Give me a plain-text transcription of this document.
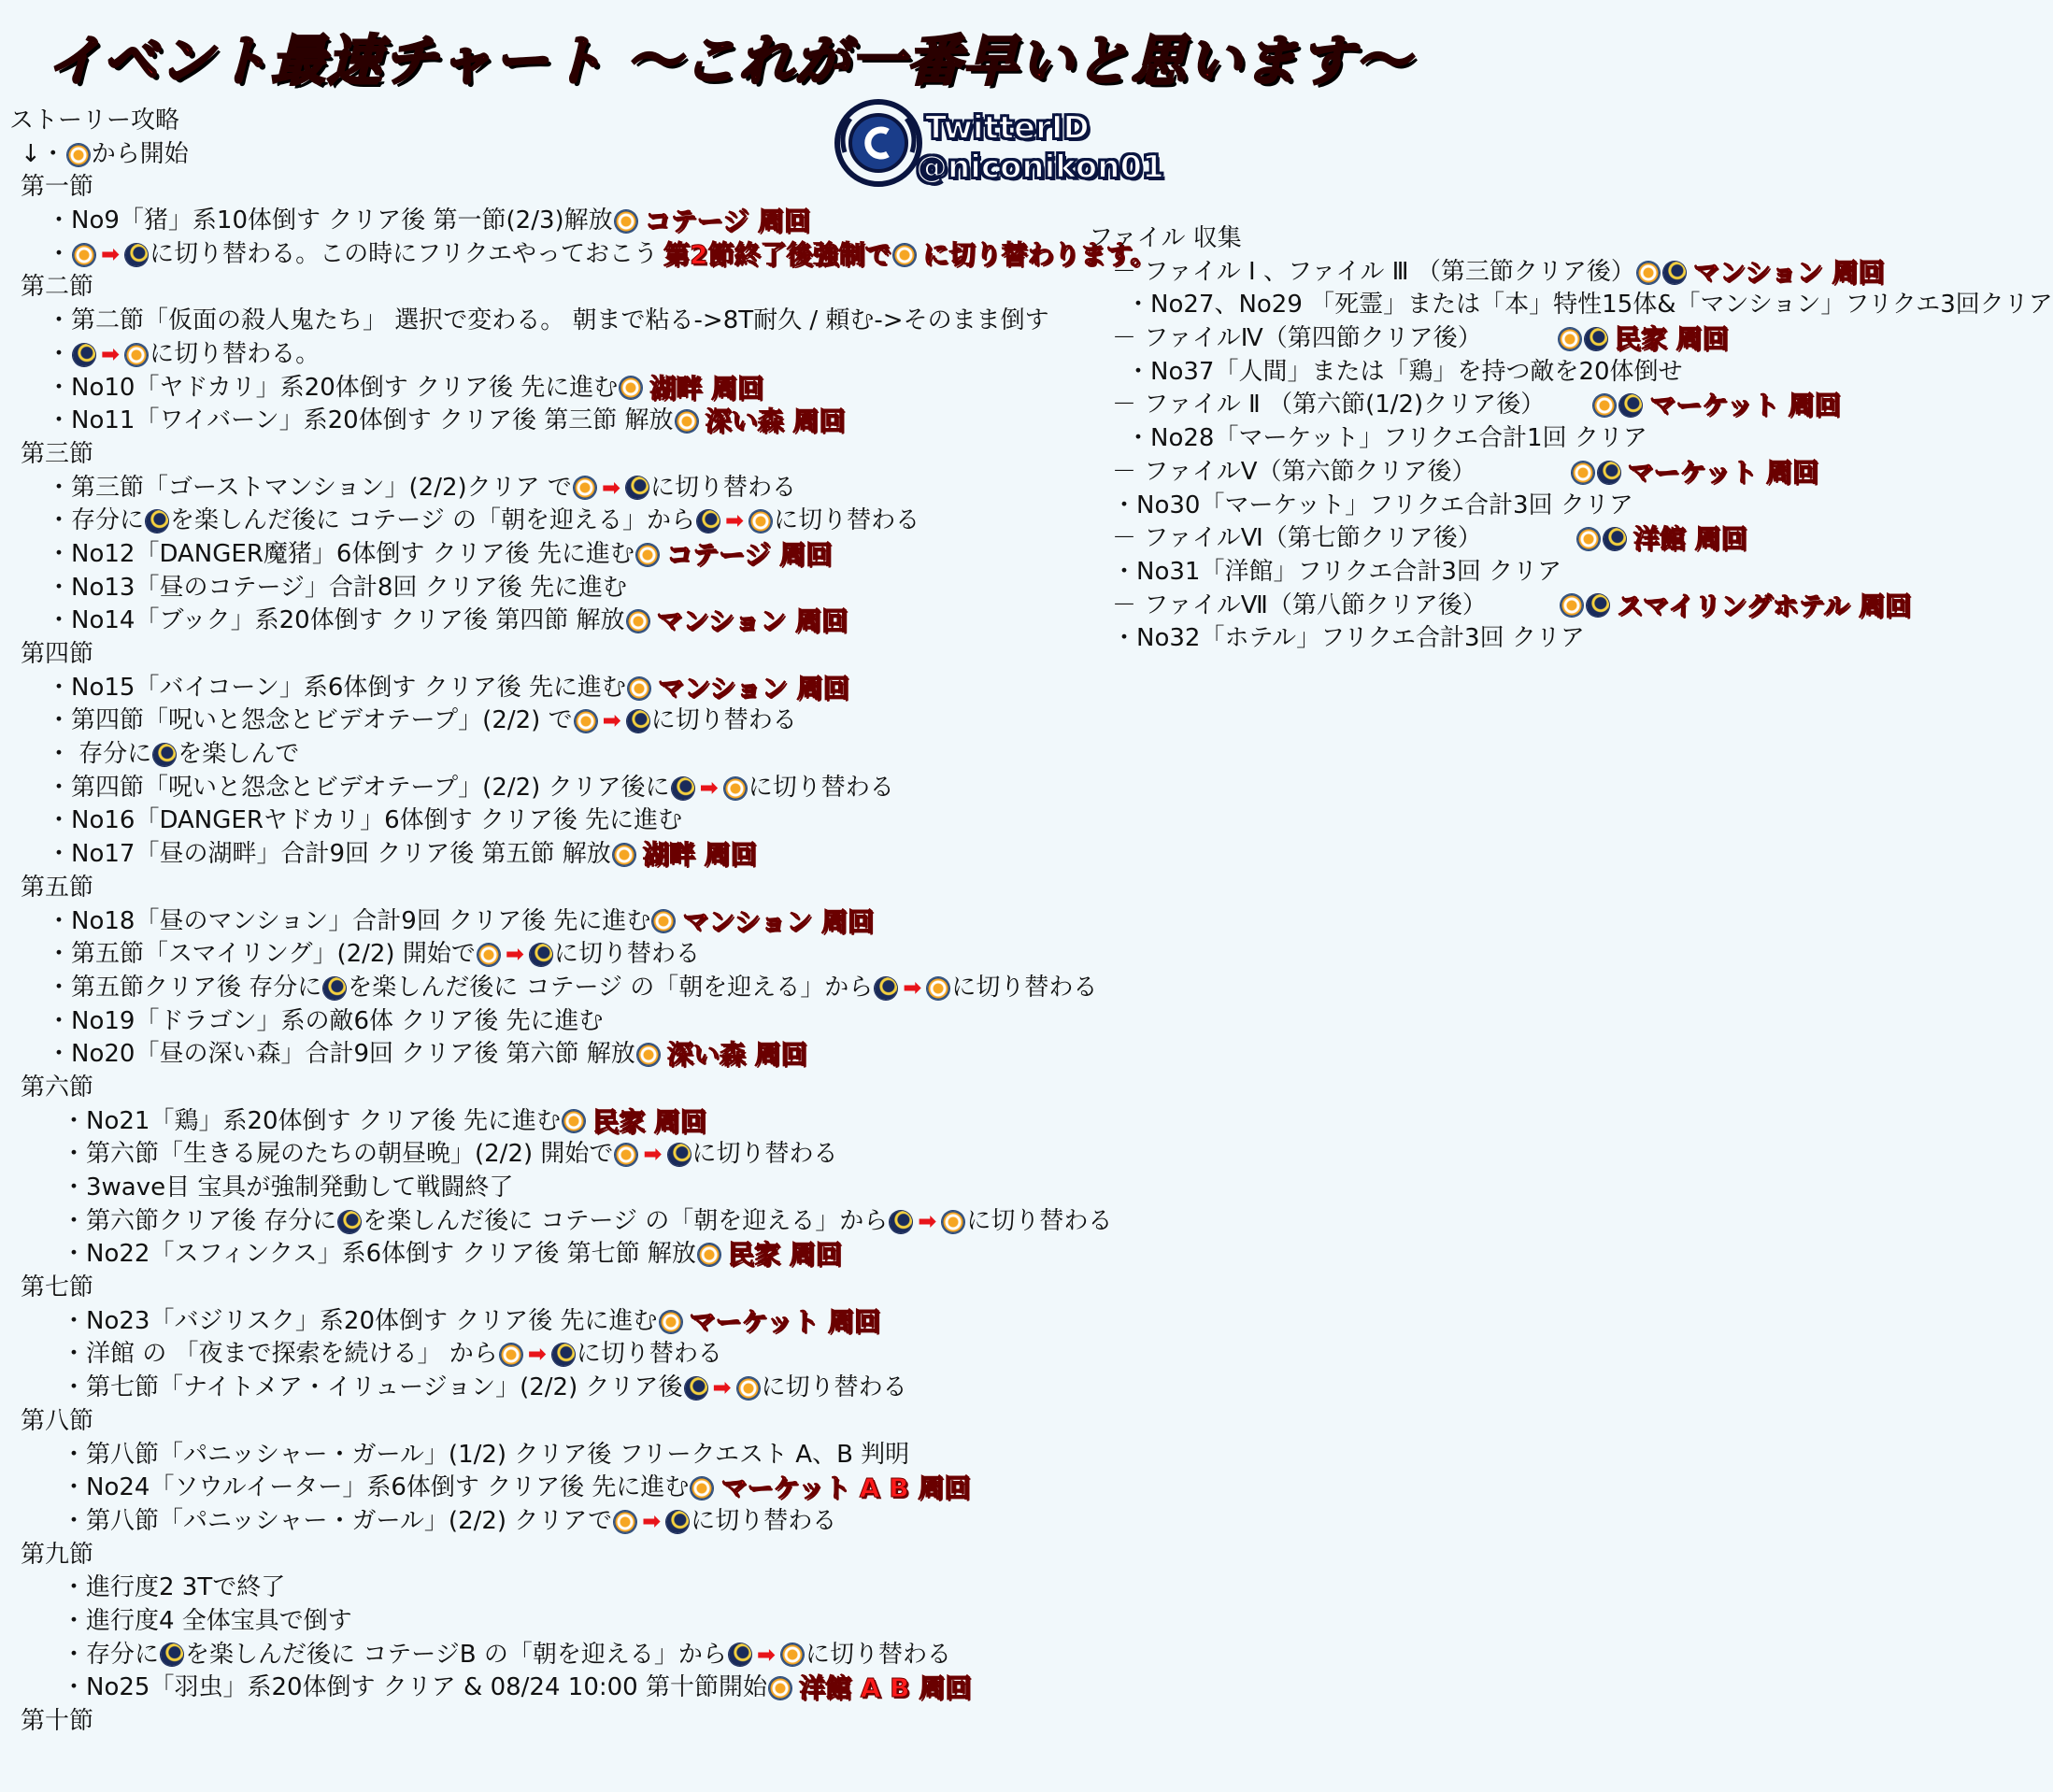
イベント最速チャート ～これが一番早いと思います～
TwitterID
@niconikon01
ストーリー攻略
↓・ から開始
第一節
・No9「猪」系10体倒す クリア後 第一節(2/3)解放 コテージ 周回
・ ➡ に切り替わる。この時にフリクエやっておこう 第2節終了後強制で に切り替わります。
第二節
・第二節「仮面の殺人鬼たち」 選択で変わる。 朝まで粘る->8T耐久 / 頼む->そのまま倒す
・ ➡ に切り替わる。
・No10「ヤドカリ」系20体倒す クリア後 先に進む 湖畔 周回
・No11「ワイバーン」系20体倒す クリア後 第三節 解放 深い森 周回
第三節
・第三節「ゴーストマンション」(2/2)クリア で ➡ に切り替わる
・存分に を楽しんだ後に コテージ の「朝を迎える」から ➡ に切り替わる
・No12「DANGER魔猪」6体倒す クリア後 先に進む コテージ 周回
・No13「昼のコテージ」合計8回 クリア後 先に進む
・No14「ブック」系20体倒す クリア後 第四節 解放 マンション 周回
第四節
・No15「バイコーン」系6体倒す クリア後 先に進む マンション 周回
・第四節「呪いと怨念とビデオテープ」(2/2) で ➡ に切り替わる
・ 存分に を楽しんで
・第四節「呪いと怨念とビデオテープ」(2/2) クリア後に ➡ に切り替わる
・No16「DANGERヤドカリ」6体倒す クリア後 先に進む
・No17「昼の湖畔」合計9回 クリア後 第五節 解放 湖畔 周回
第五節
・No18「昼のマンション」合計9回 クリア後 先に進む マンション 周回
・第五節「スマイリング」(2/2) 開始で ➡ に切り替わる
・第五節クリア後 存分に を楽しんだ後に コテージ の「朝を迎える」から ➡ に切り替わる
・No19「ドラゴン」系の敵6体 クリア後 先に進む
・No20「昼の深い森」合計9回 クリア後 第六節 解放 深い森 周回
第六節
・No21「鶏」系20体倒す クリア後 先に進む 民家 周回
・第六節「生きる屍のたちの朝昼晩」(2/2) 開始で ➡ に切り替わる
・3wave目 宝具が強制発動して戦闘終了
・第六節クリア後 存分に を楽しんだ後に コテージ の「朝を迎える」から ➡ に切り替わる
・No22「スフィンクス」系6体倒す クリア後 第七節 解放 民家 周回
第七節
・No23「バジリスク」系20体倒す クリア後 先に進む マーケット 周回
・洋館 の 「夜まで探索を続ける」 から ➡ に切り替わる
・第七節「ナイトメア・イリュージョン」(2/2) クリア後 ➡ に切り替わる
第八節
・第八節「パニッシャー・ガール」(1/2) クリア後 フリークエスト A、B 判明
・No24「ソウルイーター」系6体倒す クリア後 先に進む マーケット A B 周回
・第八節「パニッシャー・ガール」(2/2) クリアで ➡ に切り替わる
第九節
・進行度2 3Tで終了
・進行度4 全体宝具で倒す
・存分に を楽しんだ後に コテージB の「朝を迎える」から ➡ に切り替わる
・No25「羽虫」系20体倒す クリア & 08/24 10:00 第十節開始 洋館 A B 周回
第十節
ファイル 収集
－ ファイル Ⅰ 、ファイル Ⅲ （第三節クリア後） マンション 周回
・No27、No29 「死霊」または「本」特性15体&「マンション」フリクエ3回クリア
－ ファイルⅣ（第四節クリア後）	民家 周回
・No37「人間」または「鶏」を持つ敵を20体倒せ
－ ファイル Ⅱ （第六節(1/2)クリア後）	マーケット 周回
・No28「マーケット」フリクエ合計1回 クリア
－ ファイルⅤ（第六節クリア後）	マーケット 周回
・No30「マーケット」フリクエ合計3回 クリア
－ ファイルⅥ（第七節クリア後）	洋館 周回
・No31「洋館」フリクエ合計3回 クリア
－ ファイルⅦ（第八節クリア後）	スマイリングホテル 周回
・No32「ホテル」フリクエ合計3回 クリア
